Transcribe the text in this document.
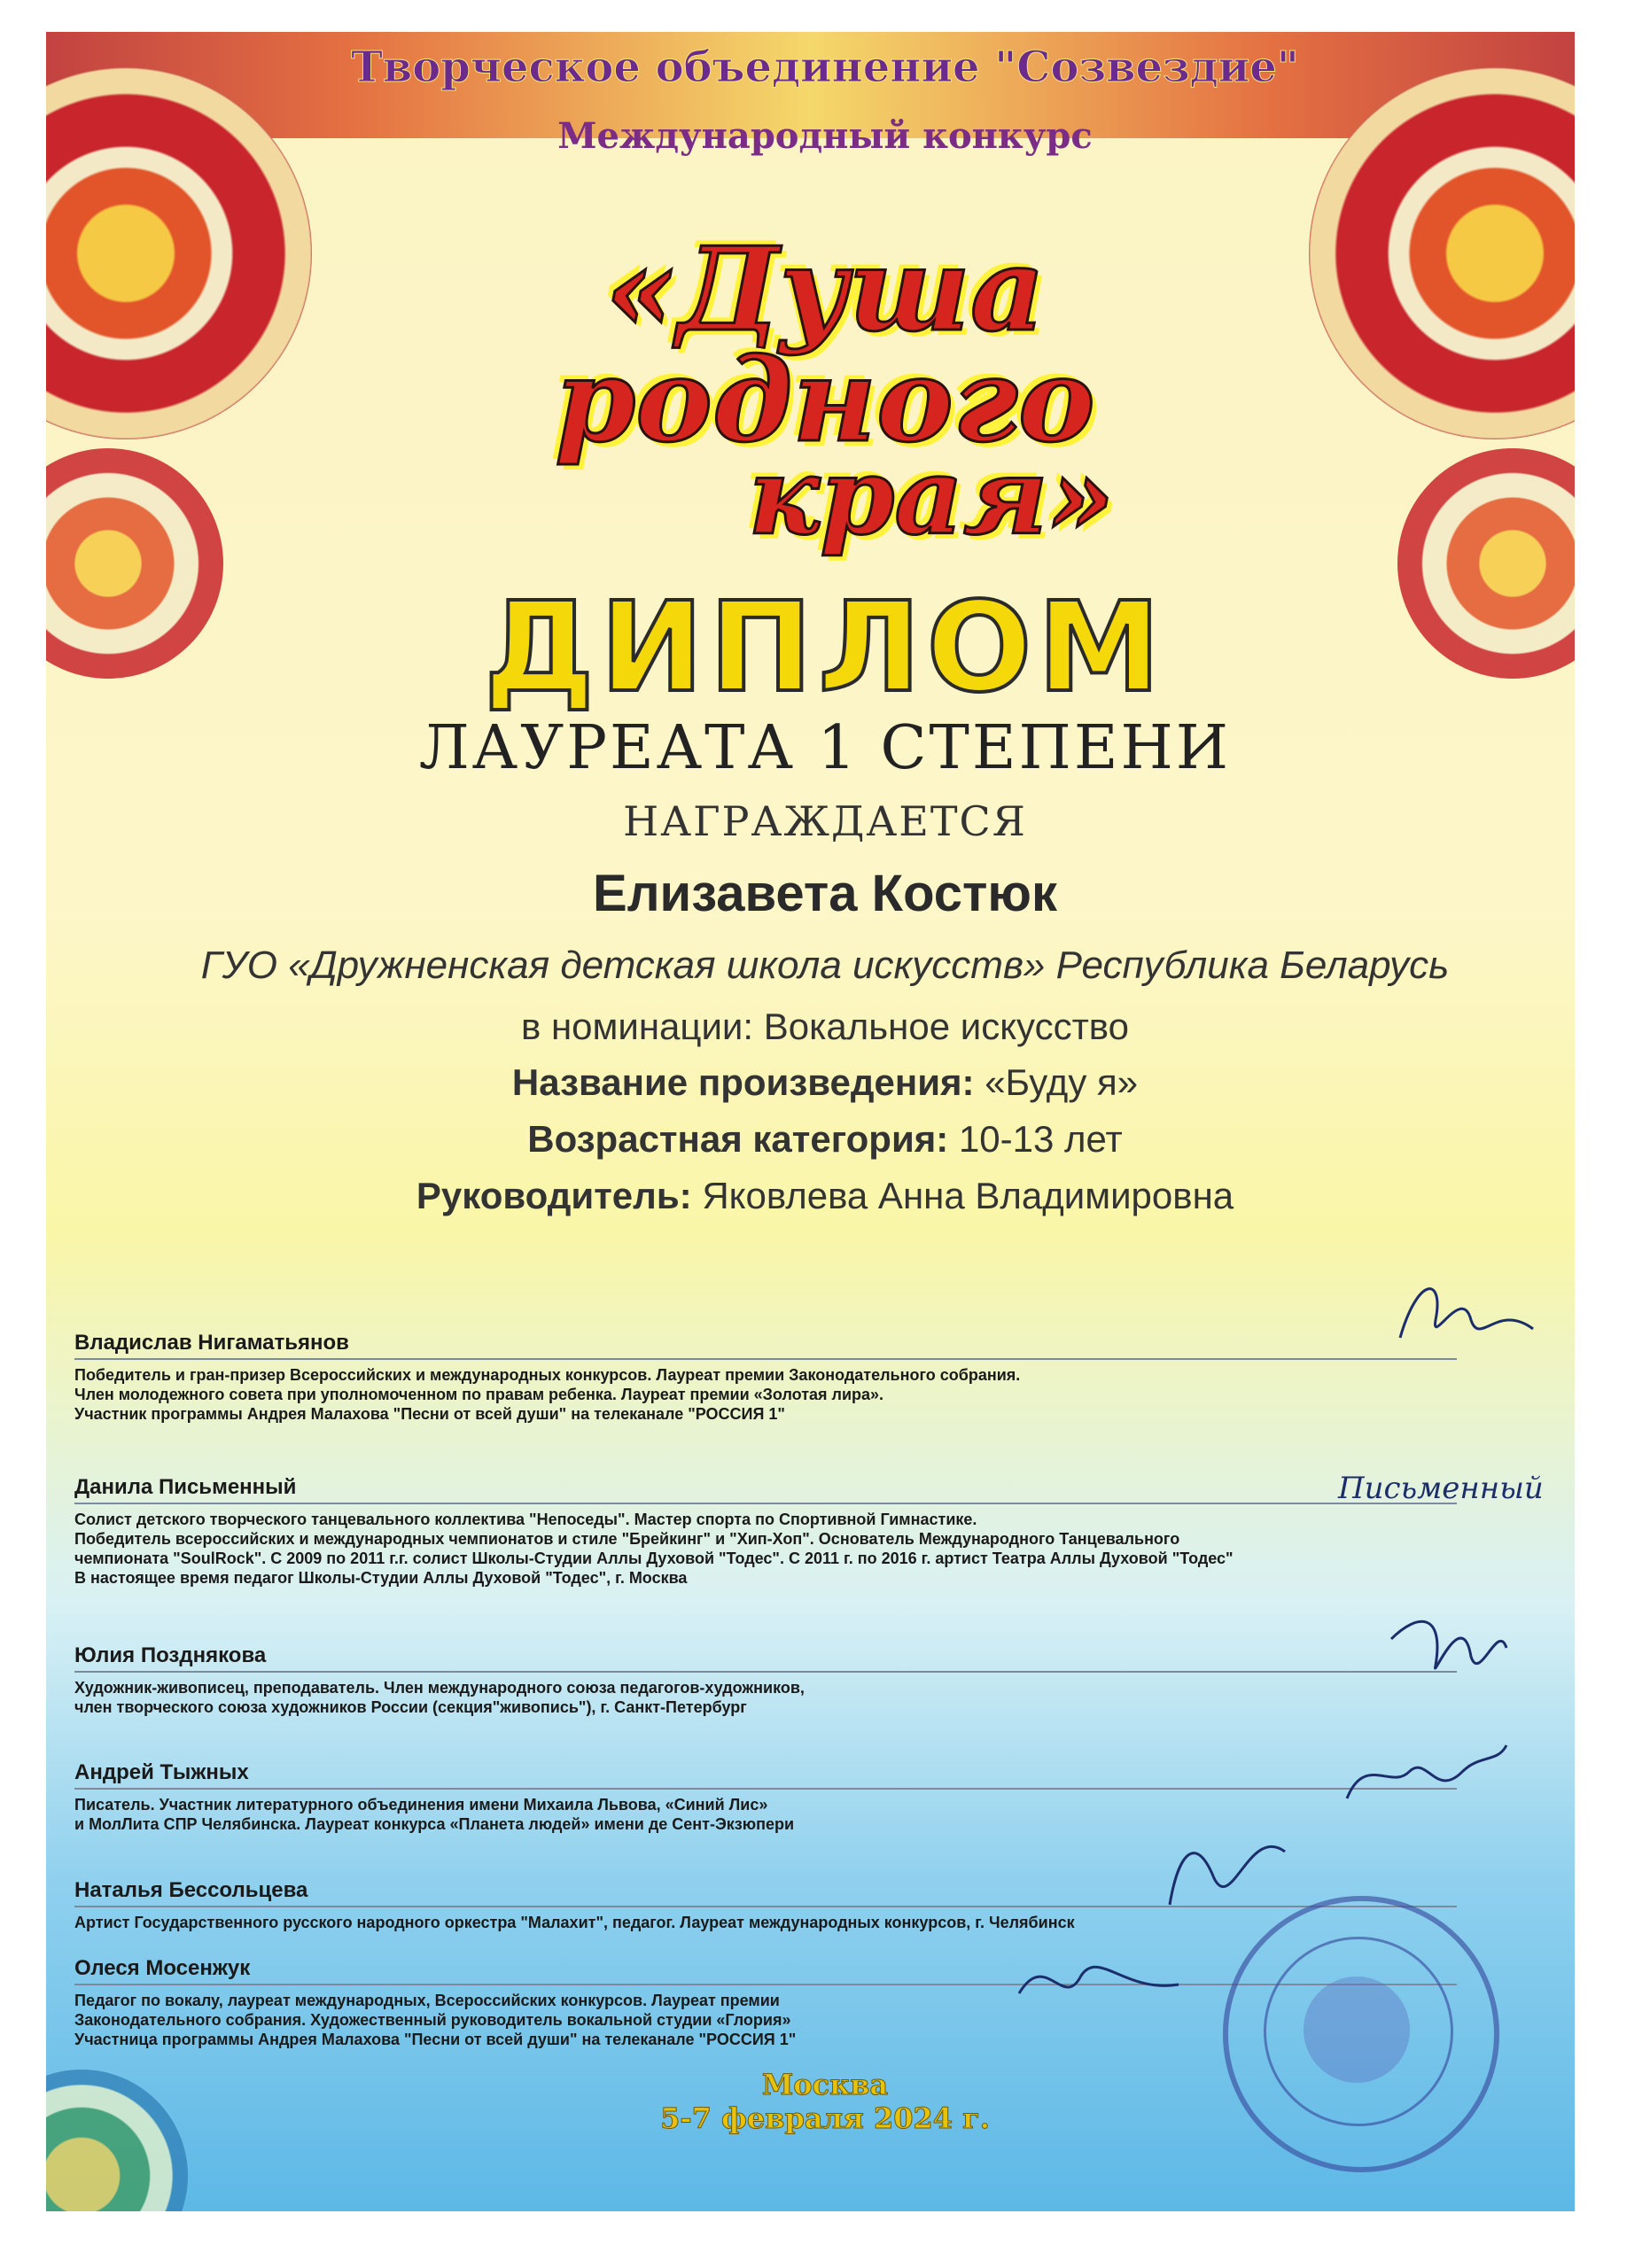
Творческое объединение "Созвездие"
Международный конкурс
«Душа
родного
края»
ДИПЛОМ
ЛАУРЕАТА 1 СТЕПЕНИ
НАГРАЖДАЕТСЯ
Елизавета Костюк
ГУО «Дружненская детская школа искусств» Республика Беларусь
в номинации: Вокальное искусство
Название произведения: «Буду я»
Возрастная категория: 10-13 лет
Руководитель: Яковлева Анна Владимировна
Владислав Нигаматьянов
Победитель и гран-призер Всероссийских и международных конкурсов. Лауреат премии Законодательного собрания.
Член молодежного совета при уполномоченном по правам ребенка. Лауреат премии «Золотая лира».
Участник программы Андрея Малахова "Песни от всей души" на телеканале "РОССИЯ 1"
Данила Письменный
Солист детского творческого танцевального коллектива "Непоседы". Мастер спорта по Спортивной Гимнастике.
Победитель всероссийских и международных чемпионатов и стиле "Брейкинг" и "Хип-Хоп". Основатель Международного Танцевального
чемпионата "SoulRock". С 2009 по 2011 г.г. солист Школы-Студии Аллы Духовой "Тодес". С 2011 г. по 2016 г. артист Театра Аллы Духовой "Тодес"
В настоящее время педагог Школы-Студии Аллы Духовой "Тодес", г. Москва
Юлия Позднякова
Художник-живописец, преподаватель. Член международного союза педагогов-художников,
член творческого союза художников России (секция"живопись"), г. Санкт-Петербург
Андрей Тыжных
Писатель. Участник литературного объединения имени Михаила Львова, «Синий Лис»
и МолЛита СПР Челябинска. Лауреат конкурса «Планета людей» имени де Сент-Экзюпери
Наталья Бессольцева
Артист Государственного русского народного оркестра "Малахит", педагог. Лауреат международных конкурсов, г. Челябинск
Олеся Мосенжук
Педагог по вокалу, лауреат международных, Всероссийских конкурсов. Лауреат премии
Законодательного собрания. Художественный руководитель вокальной студии «Глория»
Участница программы Андрея Малахова "Песни от всей души" на телеканале "РОССИЯ 1"
Письменный
Москва
5-7 февраля 2024 г.
